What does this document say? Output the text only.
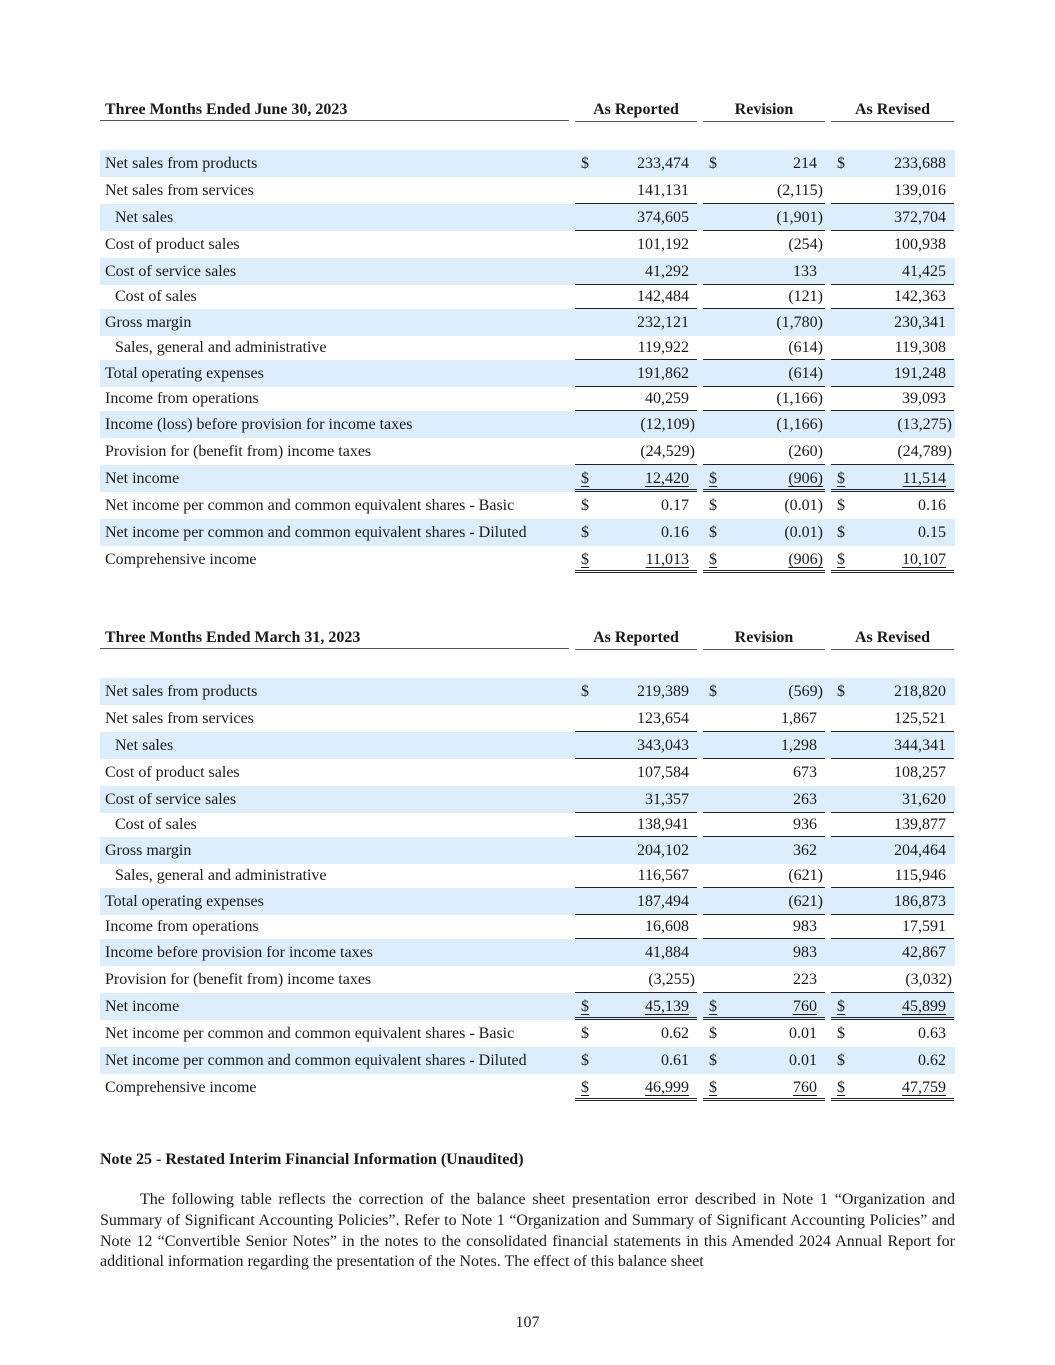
Three Months Ended June 30, 2023	As Reported	Revision	As Revised
Net sales from products	$	233,474 $	214 $	233,688
Net sales from services	141,131	(2,115)	139,016
Net sales	374,605	(1,901)	372,704
Cost of product sales	101,192	(254)	100,938
Cost of service sales	41,292	133	41,425
Cost of sales	142,484	(121)	142,363
Gross margin	232,121	(1,780)	230,341
Sales, general and administrative	119,922	(614)	119,308
Total operating expenses	191,862	(614)	191,248
Income from operations	40,259	(1,166)	39,093
Income (loss) before provision for income taxes	(12,109)	(1,166)	(13,275)
Provision for (benefit from) income taxes	(24,529)	(260)	(24,789)
Net income	$	12,420 $	(906) $	11,514
Net income per common and common equivalent shares - Basic	$	0.17 $	(0.01) $	0.16
Net income per common and common equivalent shares - Diluted	$	0.16 $	(0.01) $	0.15
Comprehensive income	$	11,013 $	(906) $	10,107
Three Months Ended March 31, 2023	As Reported	Revision	As Revised
Net sales from products	$	219,389 $	(569) $	218,820
Net sales from services	123,654	1,867	125,521
Net sales	343,043	1,298	344,341
Cost of product sales	107,584	673	108,257
Cost of service sales	31,357	263	31,620
Cost of sales	138,941	936	139,877
Gross margin	204,102	362	204,464
Sales, general and administrative	116,567	(621)	115,946
Total operating expenses	187,494	(621)	186,873
Income from operations	16,608	983	17,591
Income before provision for income taxes	41,884	983	42,867
Provision for (benefit from) income taxes	(3,255)	223	(3,032)
Net income	$	45,139 $	760 $	45,899
Net income per common and common equivalent shares - Basic	$	0.62 $	0.01 $	0.63
Net income per common and common equivalent shares - Diluted	$	0.61 $	0.01 $	0.62
Comprehensive income	$	46,999 $	760 $	47,759
Note 25 - Restated Interim Financial Information (Unaudited)
The following table reflects the correction of the balance sheet presentation error described in Note 1 “Organization and Summary of Significant Accounting Policies”. Refer to Note 1 “Organization and Summary of Significant Accounting Policies” and Note 12 “Convertible Senior Notes” in the notes to the consolidated financial statements in this Amended 2024 Annual Report for additional information regarding the presentation of the Notes. The effect of this balance sheet
107
